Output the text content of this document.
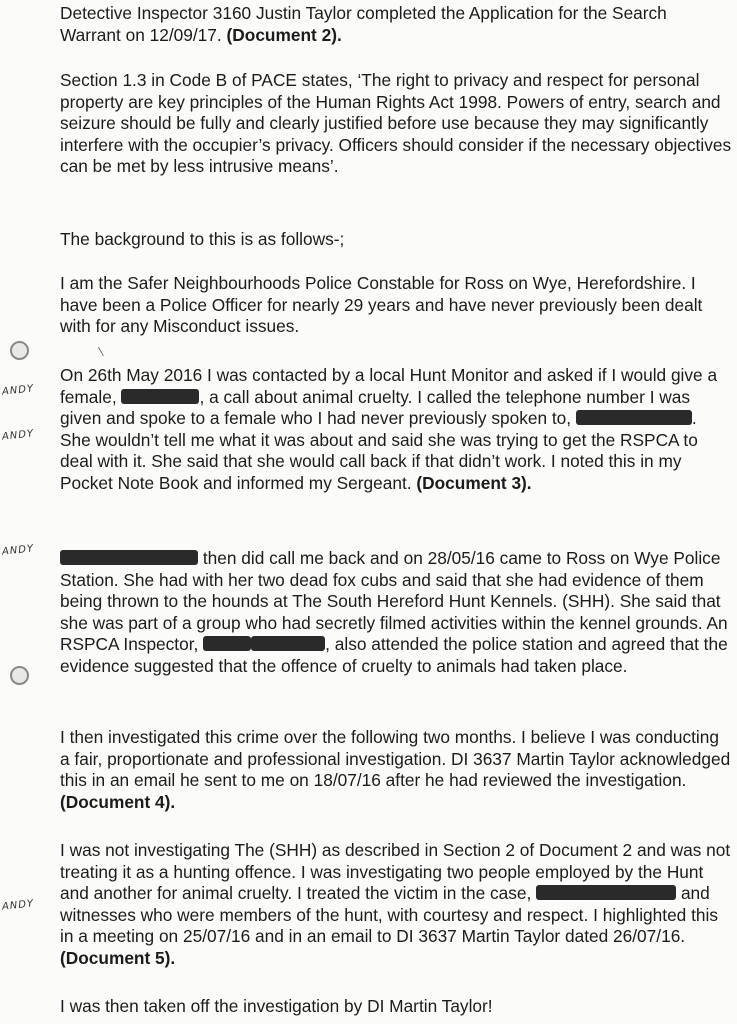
ANDY
ANDY
ANDY
ANDY

Detective Inspector 3160 Justin Taylor completed the Application for the Search Warrant on 12/09/17. (Document 2).

Section 1.3 in Code B of PACE states, ‘The right to privacy and respect for personal property are key principles of the Human Rights Act 1998. Powers of entry, search and seizure should be fully and clearly justified before use because they may significantly interfere with the occupier’s privacy. Officers should consider if the necessary objectives can be met by less intrusive means’.

The background to this is as follows-;

I am the Safer Neighbourhoods Police Constable for Ross on Wye, Herefordshire. I have been a Police Officer for nearly 29 years and have never previously been dealt with for any Misconduct issues.

On 26th May 2016 I was contacted by a local Hunt Monitor and asked if I would give a female,	, a call about animal cruelty. I called the telephone number I was given and spoke to a female who I had never previously spoken to,	. She wouldn’t tell me what it was about and said she was trying to get the RSPCA to deal with it. She said that she would call back if that didn’t work. I noted this in my Pocket Note Book and informed my Sergeant. (Document 3).

then did call me back and on 28/05/16 came to Ross on Wye Police Station. She had with her two dead fox cubs and said that she had evidence of them being thrown to the hounds at The South Hereford Hunt Kennels. (SHH). She said that she was part of a group who had secretly filmed activities within the kennel grounds. An RSPCA Inspector,	, also attended the police station and agreed that the evidence suggested that the offence of cruelty to animals had taken place.

I then investigated this crime over the following two months. I believe I was conducting a fair, proportionate and professional investigation. DI 3637 Martin Taylor acknowledged this in an email he sent to me on 18/07/16 after he had reviewed the investigation. (Document 4).

I was not investigating The (SHH) as described in Section 2 of Document 2 and was not treating it as a hunting offence. I was investigating two people employed by the Hunt and another for animal cruelty. I treated the victim in the case,	and witnesses who were members of the hunt, with courtesy and respect. I highlighted this in a meeting on 25/07/16 and in an email to DI 3637 Martin Taylor dated 26/07/16. (Document 5).

I was then taken off the investigation by DI Martin Taylor!
